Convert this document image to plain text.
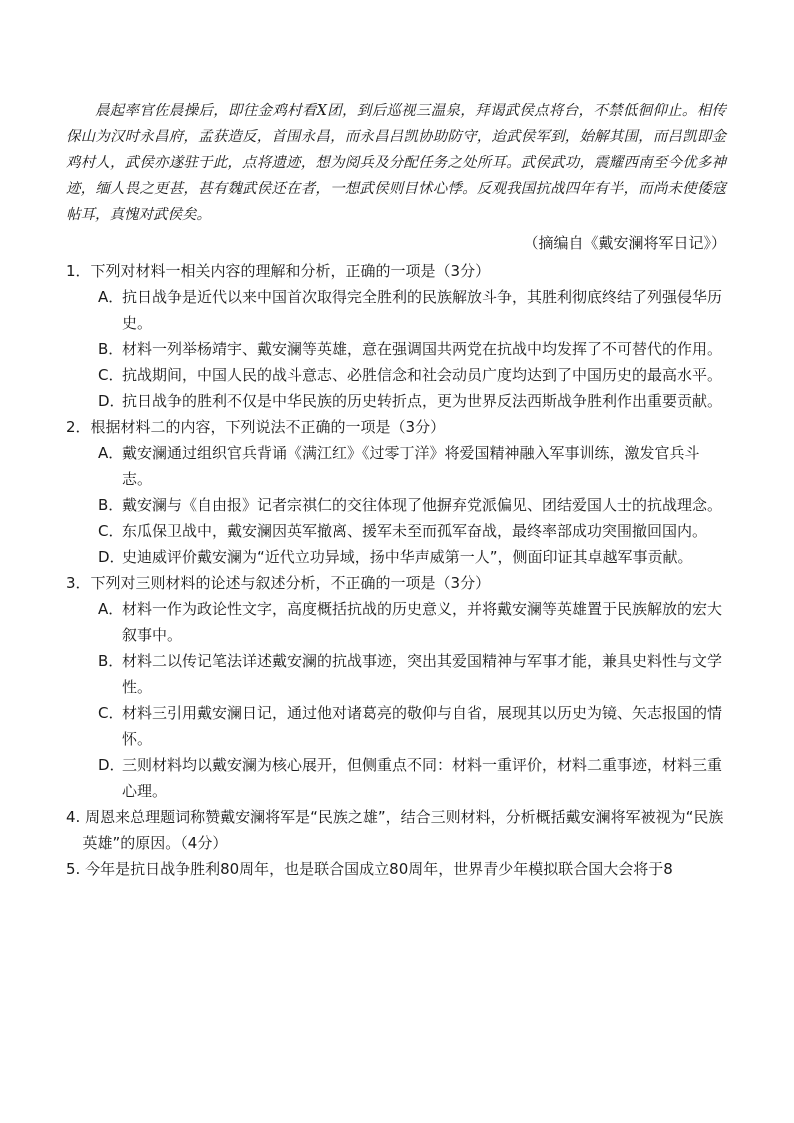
晨起率官佐晨操后，即往金鸡村看X团，到后巡视三温泉，拜谒武侯点将台，不禁低徊仰止。相传保山为汉时永昌府，孟获造反，首围永昌，而永昌吕凯协助防守，迨武侯军到，始解其围，而吕凯即金鸡村人，武侯亦遂驻于此，点将遗迹，想为阅兵及分配任务之处所耳。武侯武功，震耀西南至今优多神迹，缅人畏之更甚，甚有魏武侯还在者，一想武侯则目怵心悸。反观我国抗战四年有半，而尚未使倭寇帖耳，真愧对武侯矣。

（摘编自《戴安澜将军日记》）
1．下列对材料一相关内容的理解和分析，正确的一项是（3分）
A．抗日战争是近代以来中国首次取得完全胜利的民族解放斗争，其胜利彻底终结了列强侵华历史。
B．材料一列举杨靖宇、戴安澜等英雄，意在强调国共两党在抗战中均发挥了不可替代的作用。
C．抗战期间，中国人民的战斗意志、必胜信念和社会动员广度均达到了中国历史的最高水平。
D．抗日战争的胜利不仅是中华民族的历史转折点，更为世界反法西斯战争胜利作出重要贡献。
2．根据材料二的内容，下列说法不正确的一项是（3分）
A．戴安澜通过组织官兵背诵《满江红》《过零丁洋》将爱国精神融入军事训练，激发官兵斗志。
B．戴安澜与《自由报》记者宗祺仁的交往体现了他摒弃党派偏见、团结爱国人士的抗战理念。
C．东瓜保卫战中，戴安澜因英军撤离、援军未至而孤军奋战，最终率部成功突围撤回国内。
D．史迪威评价戴安澜为“近代立功异域，扬中华声威第一人”，侧面印证其卓越军事贡献。
3．下列对三则材料的论述与叙述分析，不正确的一项是（3分）
A．材料一作为政论性文字，高度概括抗战的历史意义，并将戴安澜等英雄置于民族解放的宏大叙事中。
B．材料二以传记笔法详述戴安澜的抗战事迹，突出其爱国精神与军事才能，兼具史料性与文学性。
C．材料三引用戴安澜日记，通过他对诸葛亮的敬仰与自省，展现其以历史为镜、矢志报国的情怀。
D．三则材料均以戴安澜为核心展开，但侧重点不同：材料一重评价，材料二重事迹，材料三重心理。
4. 周恩来总理题词称赞戴安澜将军是“民族之雄”，结合三则材料，分析概括戴安澜将军被视为“民族英雄”的原因。（4分）
5. 今年是抗日战争胜利80周年，也是联合国成立80周年，世界青少年模拟联合国大会将于8
